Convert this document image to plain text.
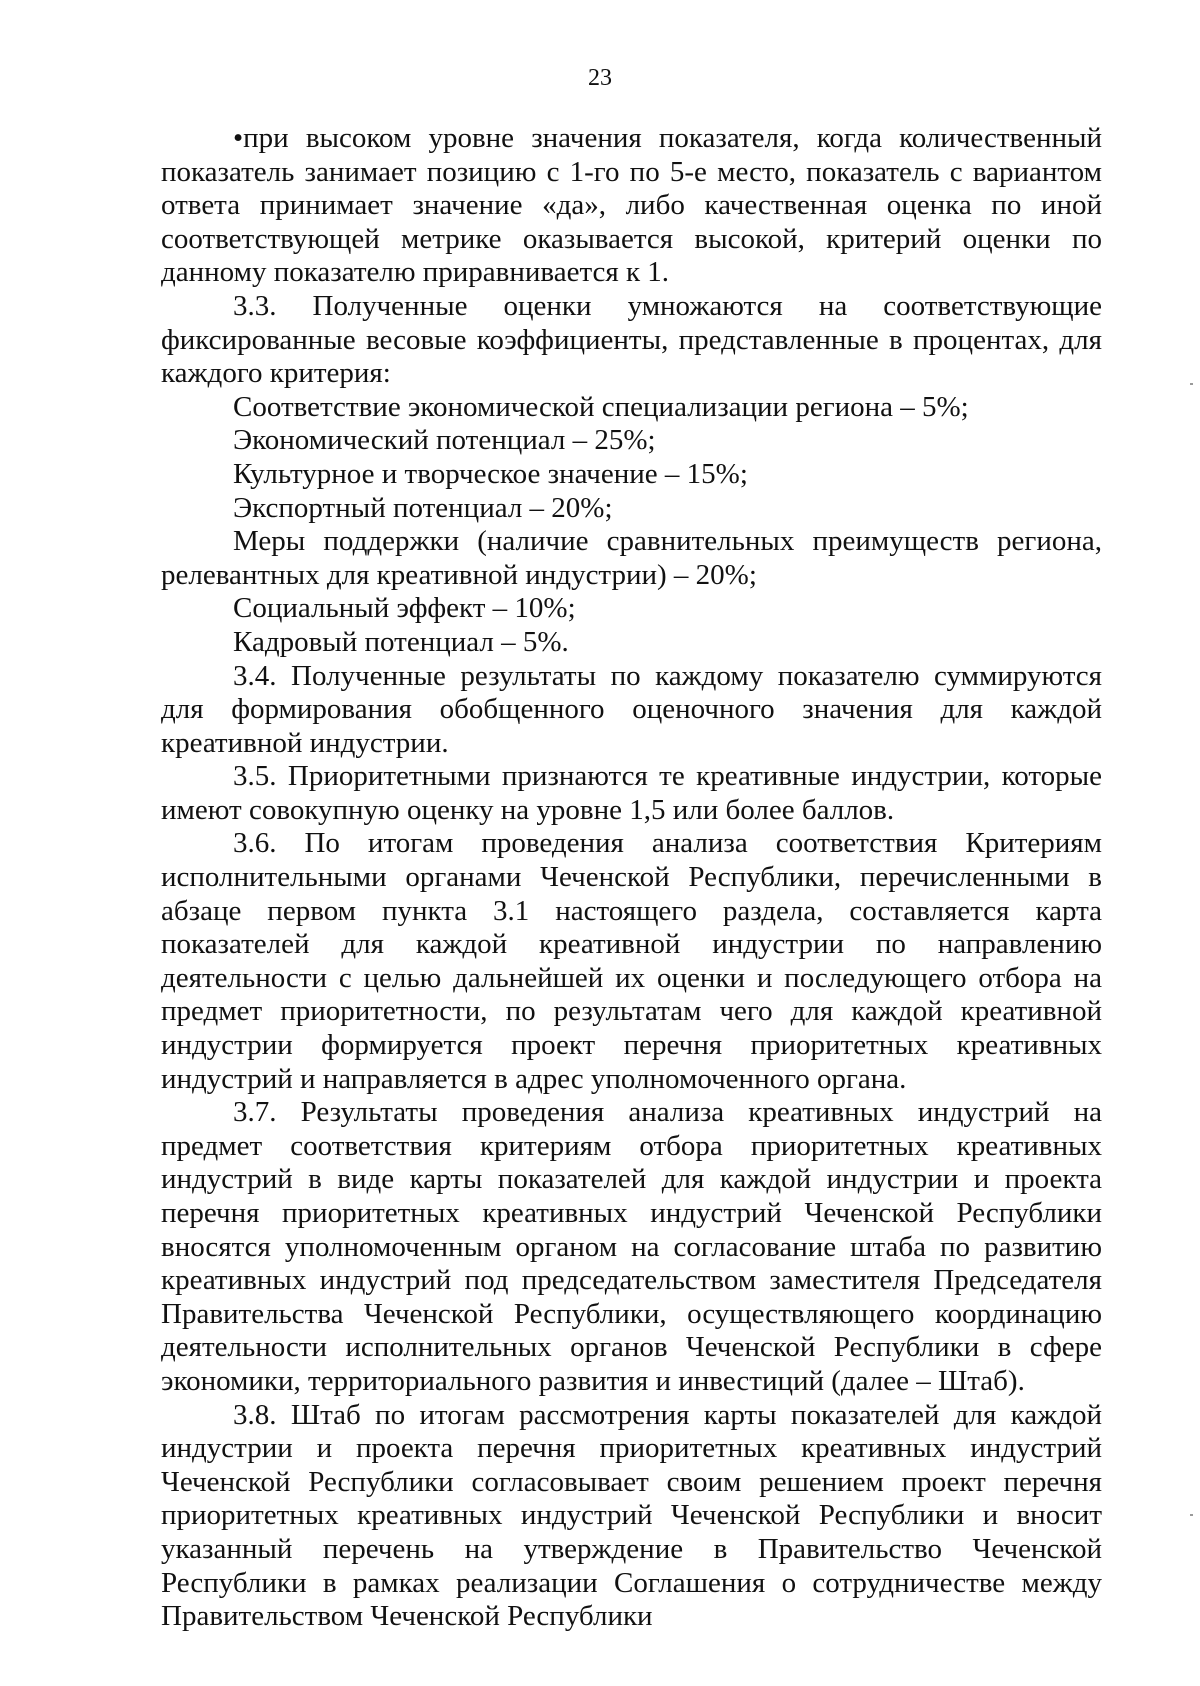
23

•при высоком уровне значения показателя, когда количественный показатель занимает позицию с 1-го по 5-е место, показатель с вариантом ответа принимает значение «да», либо качественная оценка по иной соответствующей метрике оказывается высокой, критерий оценки по данному показателю приравнивается к 1.

3.3. Полученные оценки умножаются на соответствующие фиксированные весовые коэффициенты, представленные в процентах, для каждого критерия:

Соответствие экономической специализации региона – 5%;

Экономический потенциал – 25%;

Культурное и творческое значение – 15%;

Экспортный потенциал – 20%;

Меры поддержки (наличие сравнительных преимуществ региона, релевантных для креативной индустрии) – 20%;

Социальный эффект – 10%;

Кадровый потенциал – 5%.

3.4. Полученные результаты по каждому показателю суммируются для формирования обобщенного оценочного значения для каждой креативной индустрии.

3.5. Приоритетными признаются те креативные индустрии, которые имеют совокупную оценку на уровне 1,5 или более баллов.

3.6. По итогам проведения анализа соответствия Критериям исполнительными органами Чеченской Республики, перечисленными в абзаце первом пункта 3.1 настоящего раздела, составляется карта показателей для каждой креативной индустрии по направлению деятельности с целью дальнейшей их оценки и последующего отбора на предмет приоритетности, по результатам чего для каждой креативной индустрии формируется проект перечня приоритетных креативных индустрий и направляется в адрес уполномоченного органа.

3.7. Результаты проведения анализа креативных индустрий на предмет соответствия критериям отбора приоритетных креативных индустрий в виде карты показателей для каждой индустрии и проекта перечня приоритетных креативных индустрий Чеченской Республики вносятся уполномоченным органом на согласование штаба по развитию креативных индустрий под председательством заместителя Председателя Правительства Чеченской Республики, осуществляющего координацию деятельности исполнительных органов Чеченской Республики в сфере экономики, территориального развития и инвестиций (далее – Штаб).

3.8. Штаб по итогам рассмотрения карты показателей для каждой индустрии и проекта перечня приоритетных креативных индустрий Чеченской Республики согласовывает своим решением проект перечня приоритетных креативных индустрий Чеченской Республики и вносит указанный перечень на утверждение в Правительство Чеченской Республики в рамках реализации Соглашения о сотрудничестве между Правительством Чеченской Республики
